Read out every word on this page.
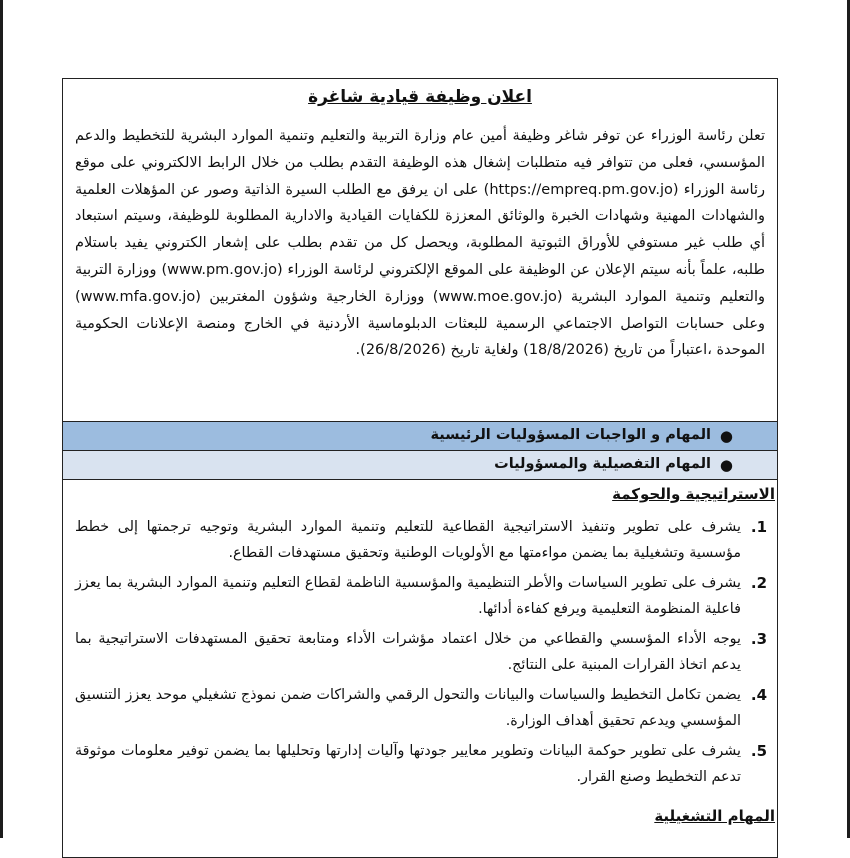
اعلان وظيفة قيادية شاغرة
تعلن رئاسة الوزراء عن توفر شاغر وظيفة أمين عام وزارة التربية والتعليم وتنمية الموارد البشرية للتخطيط والدعم المؤسسي، فعلى من تتوافر فيه متطلبات إشغال هذه الوظيفة التقدم بطلب من خلال الرابط الالكتروني على موقع رئاسة الوزراء (https://empreq.pm.gov.jo) على ان يرفق مع الطلب السيرة الذاتية وصور عن المؤهلات العلمية والشهادات المهنية وشهادات الخبرة والوثائق المعززة للكفايات القيادية والادارية المطلوبة للوظيفة، وسيتم استبعاد أي طلب غير مستوفي للأوراق الثبوتية المطلوبة، ويحصل كل من تقدم بطلب على إشعار الكتروني يفيد باستلام طلبه، علماً بأنه سيتم الإعلان عن الوظيفة على الموقع الإلكتروني لرئاسة الوزراء (www.pm.gov.jo) ووزارة التربية والتعليم وتنمية الموارد البشرية (www.moe.gov.jo) ووزارة الخارجية وشؤون المغتربين (www.mfa.gov.jo) وعلى حسابات التواصل الاجتماعي الرسمية للبعثات الدبلوماسية الأردنية في الخارج ومنصة الإعلانات الحكومية الموحدة ،اعتباراً من تاريخ (18/8/2026) ولغاية تاريخ (26/8/2026).
●
المهام و الواجبات المسؤوليات الرئيسية
●
المهام التفصيلية والمسؤوليات
الاستراتيجية والحوكمة
1.
يشرف على تطوير وتنفيذ الاستراتيجية القطاعية للتعليم وتنمية الموارد البشرية وتوجيه ترجمتها إلى خطط مؤسسية وتشغيلية بما يضمن مواءمتها مع الأولويات الوطنية وتحقيق مستهدفات القطاع.
2.
يشرف على تطوير السياسات والأطر التنظيمية والمؤسسية الناظمة لقطاع التعليم وتنمية الموارد البشرية بما يعزز فاعلية المنظومة التعليمية ويرفع كفاءة أدائها.
3.
يوجه الأداء المؤسسي والقطاعي من خلال اعتماد مؤشرات الأداء ومتابعة تحقيق المستهدفات الاستراتيجية بما يدعم اتخاذ القرارات المبنية على النتائج.
4.
يضمن تكامل التخطيط والسياسات والبيانات والتحول الرقمي والشراكات ضمن نموذج تشغيلي موحد يعزز التنسيق المؤسسي ويدعم تحقيق أهداف الوزارة.
5.
يشرف على تطوير حوكمة البيانات وتطوير معايير جودتها وآليات إدارتها وتحليلها بما يضمن توفير معلومات موثوقة تدعم التخطيط وصنع القرار.
المهام التشغيلية
